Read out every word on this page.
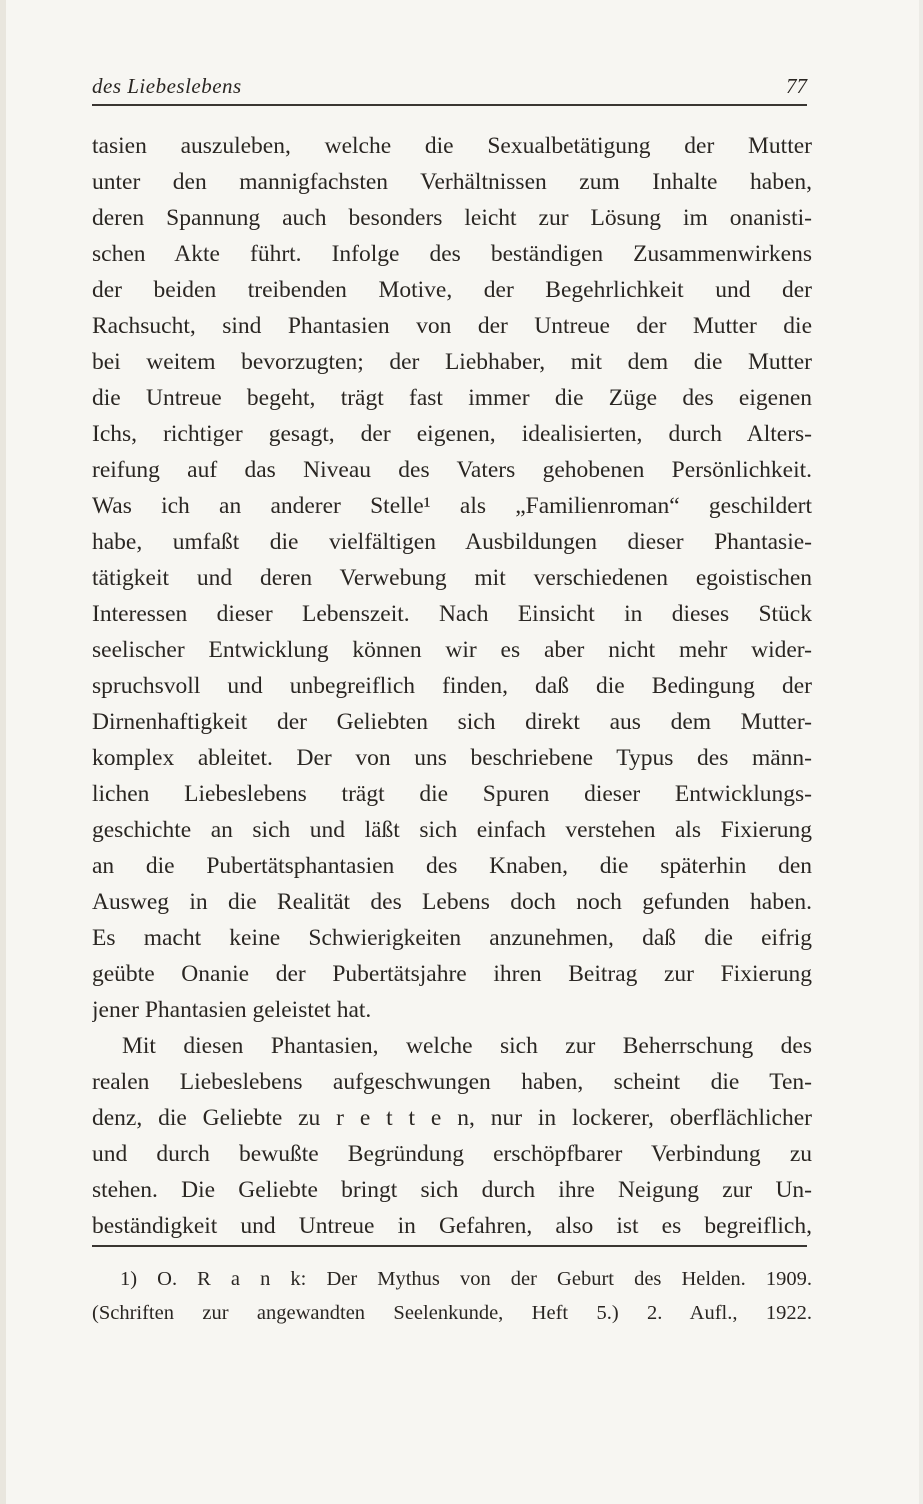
des Liebeslebens	77
tasien auszuleben, welche die Sexualbetätigung der Mutter
unter den mannigfachsten Verhältnissen zum Inhalte haben,
deren Spannung auch besonders leicht zur Lösung im onanisti-
schen Akte führt. Infolge des beständigen Zusammenwirkens
der beiden treibenden Motive, der Begehrlichkeit und der
Rachsucht, sind Phantasien von der Untreue der Mutter die
bei weitem bevorzugten; der Liebhaber, mit dem die Mutter
die Untreue begeht, trägt fast immer die Züge des eigenen
Ichs, richtiger gesagt, der eigenen, idealisierten, durch Alters-
reifung auf das Niveau des Vaters gehobenen Persönlichkeit.
Was ich an anderer Stelle¹ als „Familienroman“ geschildert
habe, umfaßt die vielfältigen Ausbildungen dieser Phantasie-
tätigkeit und deren Verwebung mit verschiedenen egoistischen
Interessen dieser Lebenszeit. Nach Einsicht in dieses Stück
seelischer Entwicklung können wir es aber nicht mehr wider-
spruchsvoll und unbegreiflich finden, daß die Bedingung der
Dirnenhaftigkeit der Geliebten sich direkt aus dem Mutter-
komplex ableitet. Der von uns beschriebene Typus des männ-
lichen Liebeslebens trägt die Spuren dieser Entwicklungs-
geschichte an sich und läßt sich einfach verstehen als Fixierung
an die Pubertätsphantasien des Knaben, die späterhin den
Ausweg in die Realität des Lebens doch noch gefunden haben.
Es macht keine Schwierigkeiten anzunehmen, daß die eifrig
geübte Onanie der Pubertätsjahre ihren Beitrag zur Fixierung
jener Phantasien geleistet hat.
Mit diesen Phantasien, welche sich zur Beherrschung des
realen Liebeslebens aufgeschwungen haben, scheint die Ten-
denz, die Geliebte zu r e t t e n, nur in lockerer, oberflächlicher
und durch bewußte Begründung erschöpfbarer Verbindung zu
stehen. Die Geliebte bringt sich durch ihre Neigung zur Un-
beständigkeit und Untreue in Gefahren, also ist es begreiflich,
1) O. R a n k: Der Mythus von der Geburt des Helden. 1909.
(Schriften zur angewandten Seelenkunde, Heft 5.) 2. Aufl., 1922.
